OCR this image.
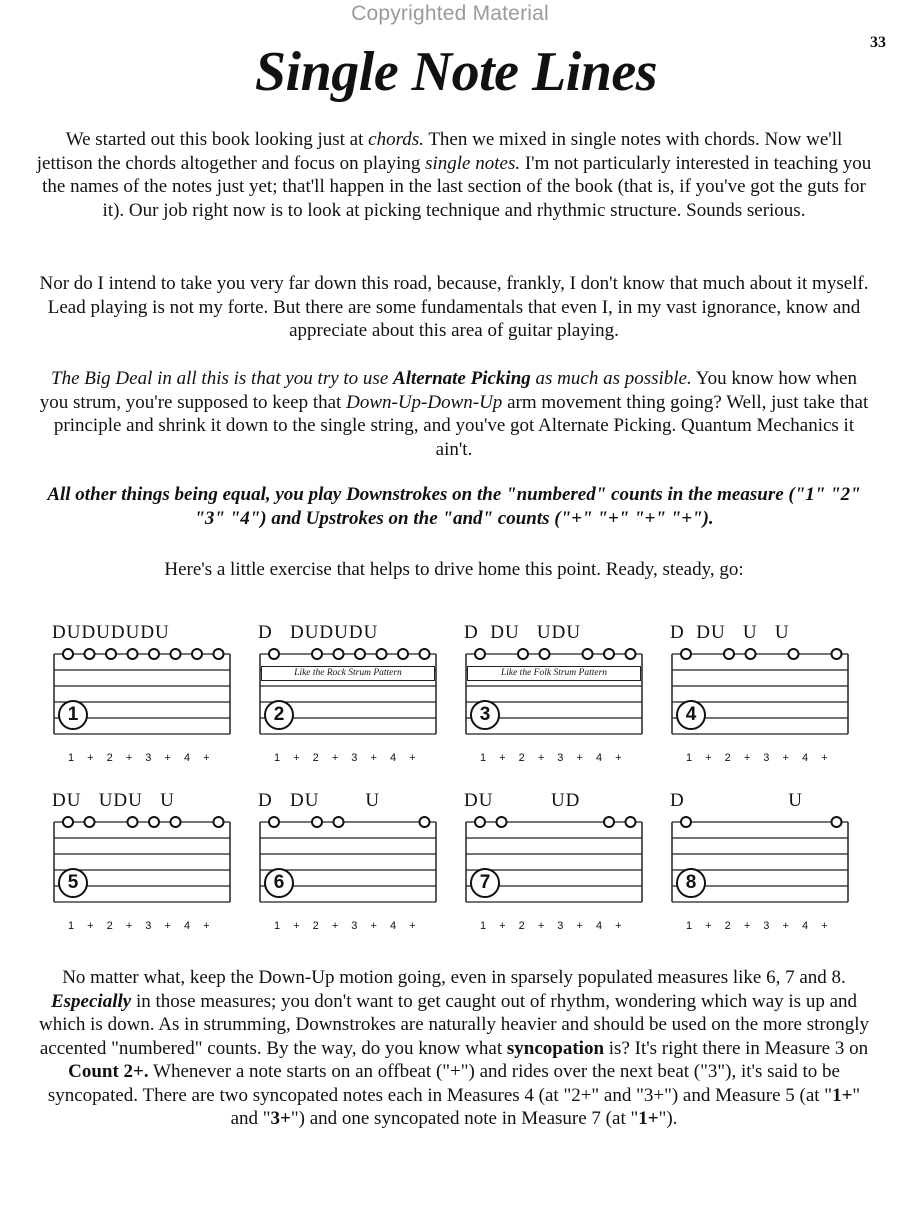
Copyrighted Material
33
Single Note Lines

We started out this book looking just at chords. Then we mixed in single notes with chords. Now we'll jettison the chords altogether and focus on playing single notes. I'm not particularly interested in teaching you the names of the notes just yet; that'll happen in the last section of the book (that is, if you've got the guts for it). Our job right now is to look at picking technique and rhythmic structure. Sounds serious.

Nor do I intend to take you very far down this road, because, frankly, I don't know that much about it myself. Lead playing is not my forte. But there are some fundamentals that even I, in my vast ignorance, know and appreciate about this area of guitar playing.

The Big Deal in all this is that you try to use Alternate Picking as much as possible. You know how when you strum, you're supposed to keep that Down-Up-Down-Up arm movement thing going? Well, just take that principle and shrink it down to the single string, and you've got Alternate Picking. Quantum Mechanics it ain't.

All other things being equal, you play Downstrokes on the "numbered" counts in the measure ("1" "2" "3" "4") and Upstrokes on the "and" counts ("+" "+" "+" "+").

Here's a little exercise that helps to drive home this point. Ready, steady, go:

DUDUDUDU
1
1 + 2 + 3 + 4 +
D   DUDUDU
Like the Rock Strum Pattern
2
1 + 2 + 3 + 4 +
D  DU   UDU
Like the Folk Strum Pattern
3
1 + 2 + 3 + 4 +
D  DU   U   U
4
1 + 2 + 3 + 4 +
DU   UDU   U
5
1 + 2 + 3 + 4 +
D   DU        U
6
1 + 2 + 3 + 4 +
DU          UD
7
1 + 2 + 3 + 4 +
D                  U
8
1 + 2 + 3 + 4 +

No matter what, keep the Down-Up motion going, even in sparsely populated measures like 6, 7 and 8. Especially in those measures; you don't want to get caught out of rhythm, wondering which way is up and which is down. As in strumming, Downstrokes are naturally heavier and should be used on the more strongly accented "numbered" counts. By the way, do you know what syncopation is? It's right there in Measure 3 on Count 2+. Whenever a note starts on an offbeat ("+") and rides over the next beat ("3"), it's said to be syncopated. There are two syncopated notes each in Measures 4 (at "2+" and "3+") and Measure 5 (at "1+" and "3+") and one syncopated note in Measure 7 (at "1+").
